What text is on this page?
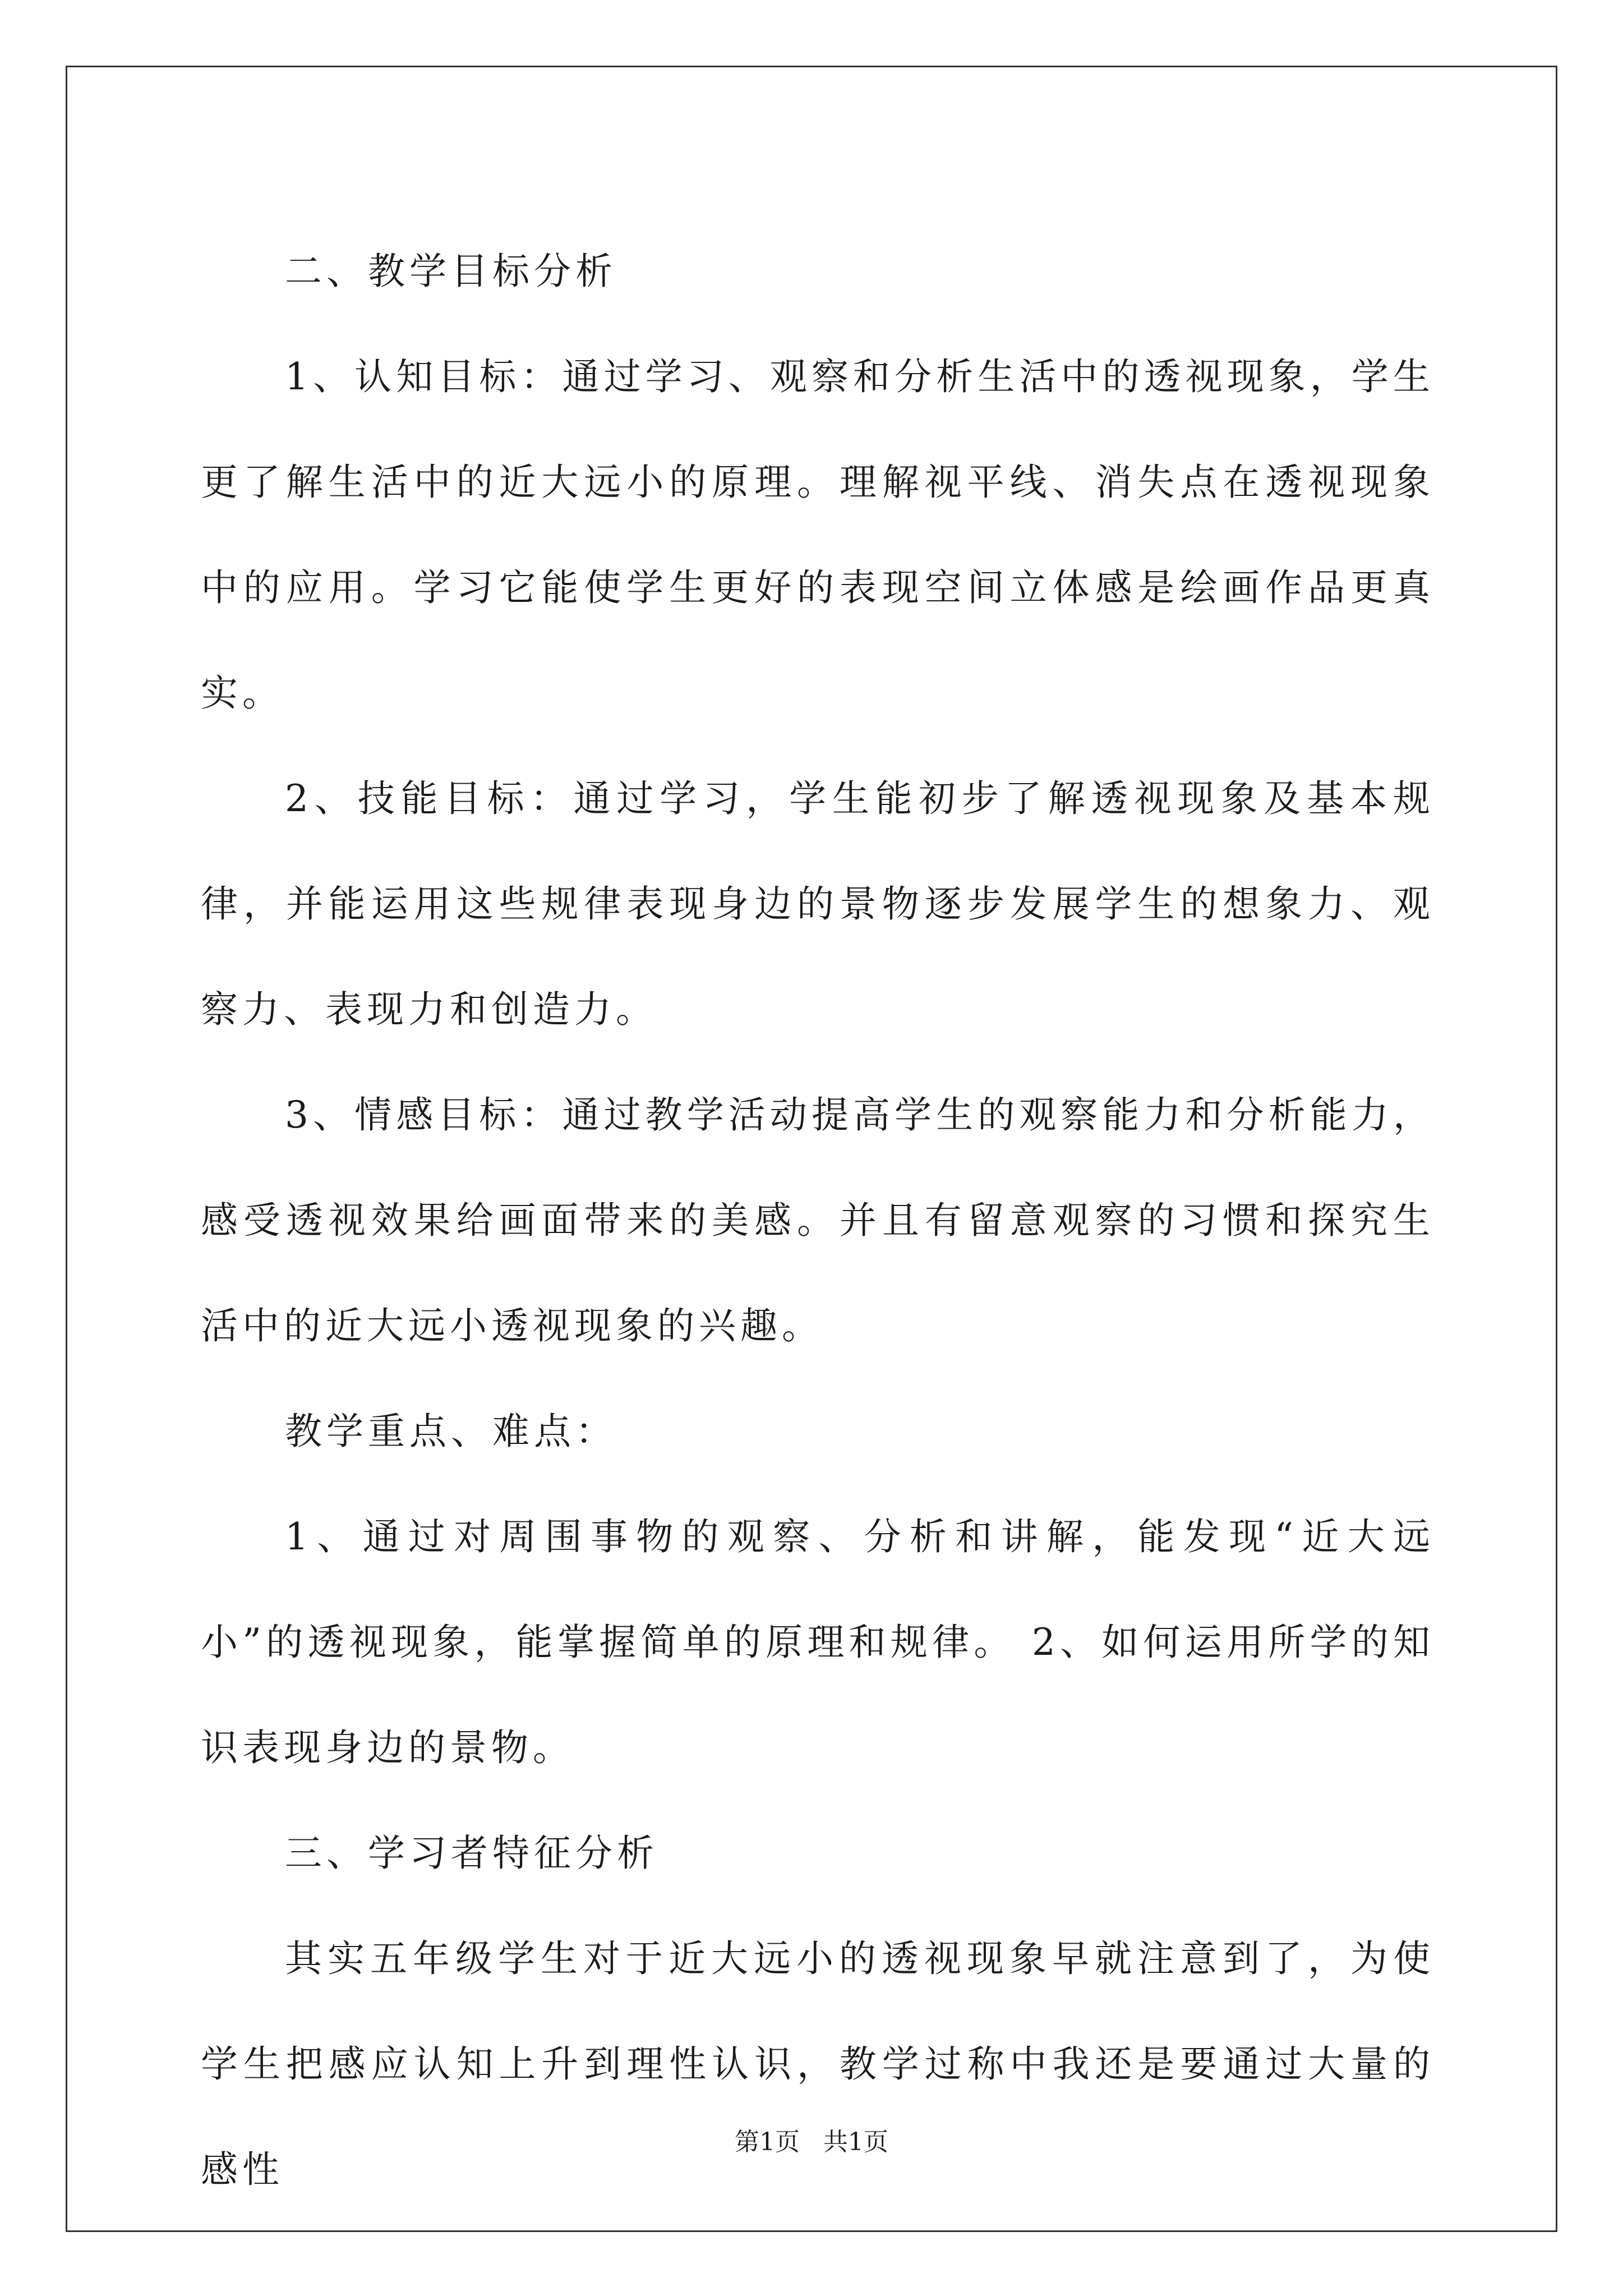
二、教学目标分析

1、认知目标：通过学习、观察和分析生活中的透视现象，学生更了解生活中的近大远小的原理。理解视平线、消失点在透视现象中的应用。学习它能使学生更好的表现空间立体感是绘画作品更真实。

2、技能目标：通过学习，学生能初步了解透视现象及基本规律，并能运用这些规律表现身边的景物逐步发展学生的想象力、观察力、表现力和创造力。

3、情感目标：通过教学活动提高学生的观察能力和分析能力，感受透视效果给画面带来的美感。并且有留意观察的习惯和探究生活中的近大远小透视现象的兴趣。

教学重点、难点：

1、通过对周围事物的观察、分析和讲解，能发现“近大远小”的透视现象，能掌握简单的原理和规律。 2、如何运用所学的知识表现身边的景物。

三、学习者特征分析

其实五年级学生对于近大远小的透视现象早就注意到了，为使学生把感应认知上升到理性认识，教学过称中我还是要通过大量的感性

第1页 共1页
